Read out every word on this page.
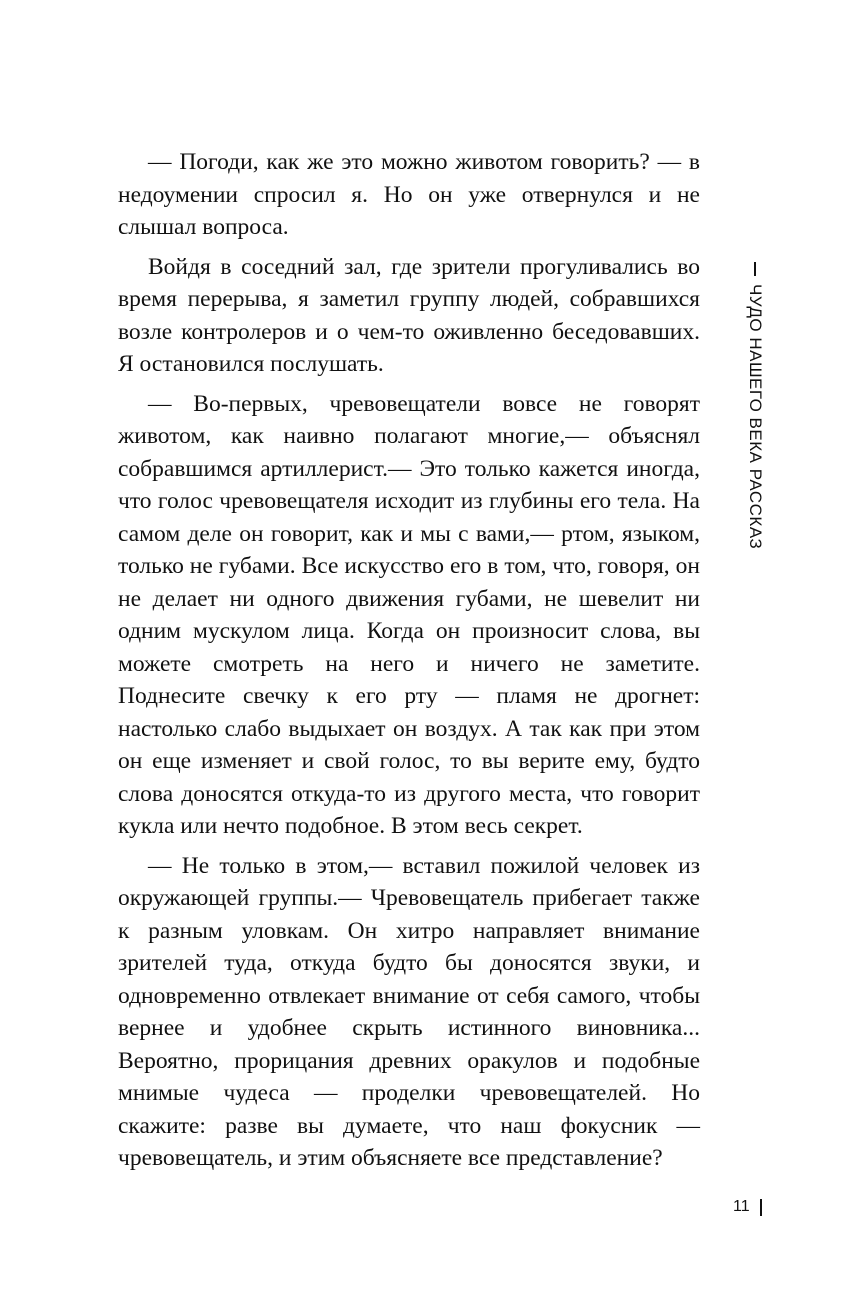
— Погоди, как же это можно животом говорить? — в недоумении спросил я. Но он уже отвернулся и не слышал вопроса.

Войдя в соседний зал, где зрители прогуливались во время перерыва, я заметил группу людей, собравшихся возле контролеров и о чем-то оживленно беседовавших. Я остановился послушать.

— Во-первых, чревовещатели вовсе не говорят животом, как наивно полагают многие,— объяснял собравшимся артиллерист.— Это только кажется иногда, что голос чревовещателя исходит из глубины его тела. На самом деле он говорит, как и мы с вами,— ртом, языком, только не губами. Все искусство его в том, что, говоря, он не делает ни одного движения губами, не шевелит ни одним мускулом лица. Когда он произносит слова, вы можете смотреть на него и ничего не заметите. Поднесите свечку к его рту — пламя не дрогнет: настолько слабо выдыхает он воздух. А так как при этом он еще изменяет и свой голос, то вы верите ему, будто слова доносятся откуда-то из другого места, что говорит кукла или нечто подобное. В этом весь секрет.

— Не только в этом,— вставил пожилой человек из окружающей группы.— Чревовещатель прибегает также к разным уловкам. Он хитро направляет внимание зрителей туда, откуда будто бы доносятся звуки, и одновременно отвлекает внимание от себя самого, чтобы вернее и удобнее скрыть истинного виновника... Вероятно, прорицания древних оракулов и подобные мнимые чудеса — проделки чревовещателей. Но скажите: разве вы думаете, что наш фокусник — чревовещатель, и этим объясняете все представление?

ЧУДО НАШЕГО ВЕКА РАССКАЗ
11
